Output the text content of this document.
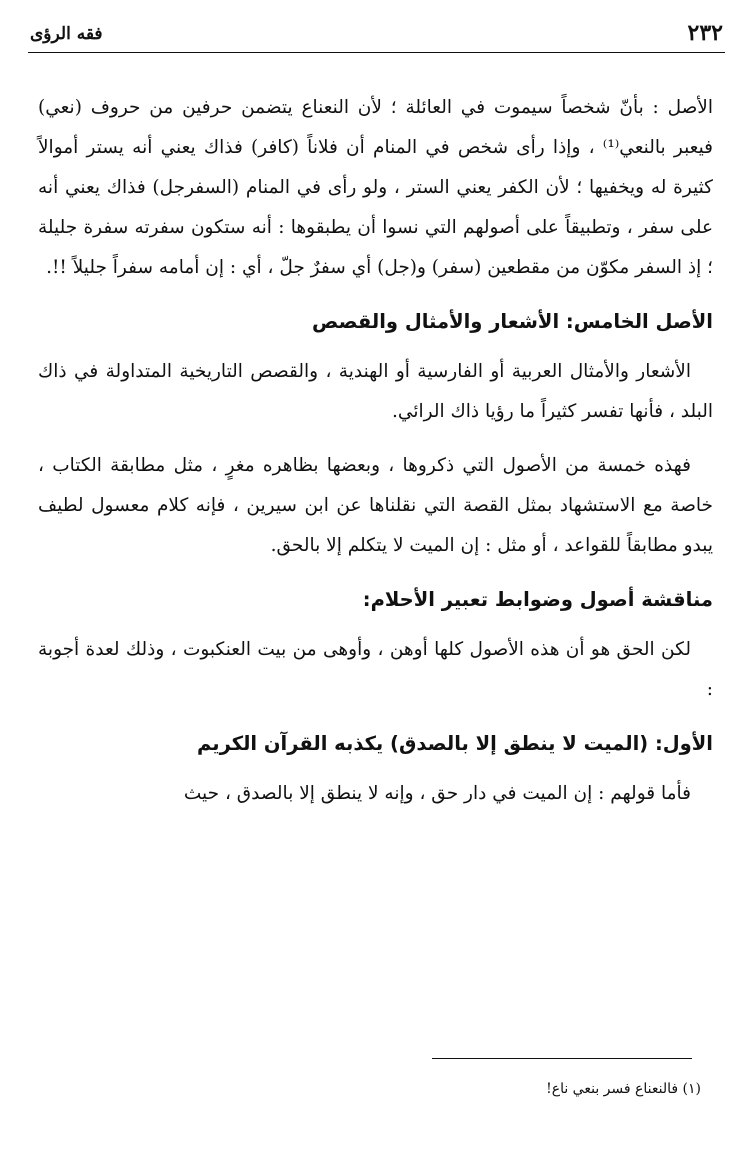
٢٣٢
فقه الرؤى

الأصل : بأنّ شخصاً سيموت في العائلة ؛ لأن النعناع يتضمن حرفين من حروف (نعي) فيعبر بالنعي⁽¹⁾ ، وإذا رأى شخص في المنام أن فلاناً (كافر) فذاك يعني أنه يستر أموالاً كثيرة له ويخفيها ؛ لأن الكفر يعني الستر ، ولو رأى في المنام (السفرجل) فذاك يعني أنه على سفر ، وتطبيقاً على أصولهم التي نسوا أن يطبقوها : أنه ستكون سفرته سفرة جليلة ؛ إذ السفر مكوّن من مقطعين (سفر) و(جل) أي سفرٌ جلّ ، أي : إن أمامه سفراً جليلاً !!.

الأصل الخامس: الأشعار والأمثال والقصص

الأشعار والأمثال العربية أو الفارسية أو الهندية ، والقصص التاريخية المتداولة في ذاك البلد ، فأنها تفسر كثيراً ما رؤيا ذاك الرائي.

فهذه خمسة من الأصول التي ذكروها ، وبعضها بظاهره مغرٍ ، مثل مطابقة الكتاب ، خاصة مع الاستشهاد بمثل القصة التي نقلناها عن ابن سيرين ، فإنه كلام معسول لطيف يبدو مطابقاً للقواعد ، أو مثل : إن الميت لا يتكلم إلا بالحق.

مناقشة أصول وضوابط تعبير الأحلام:

لكن الحق هو أن هذه الأصول كلها أوهن ، وأوهى من بيت العنكبوت ، وذلك لعدة أجوبة :

الأول: (الميت لا ينطق إلا بالصدق) يكذبه القرآن الكريم

فأما قولهم : إن الميت في دار حق ، وإنه لا ينطق إلا بالصدق ، حيث

(١) فالنعناع فسر بنعي ناع!
